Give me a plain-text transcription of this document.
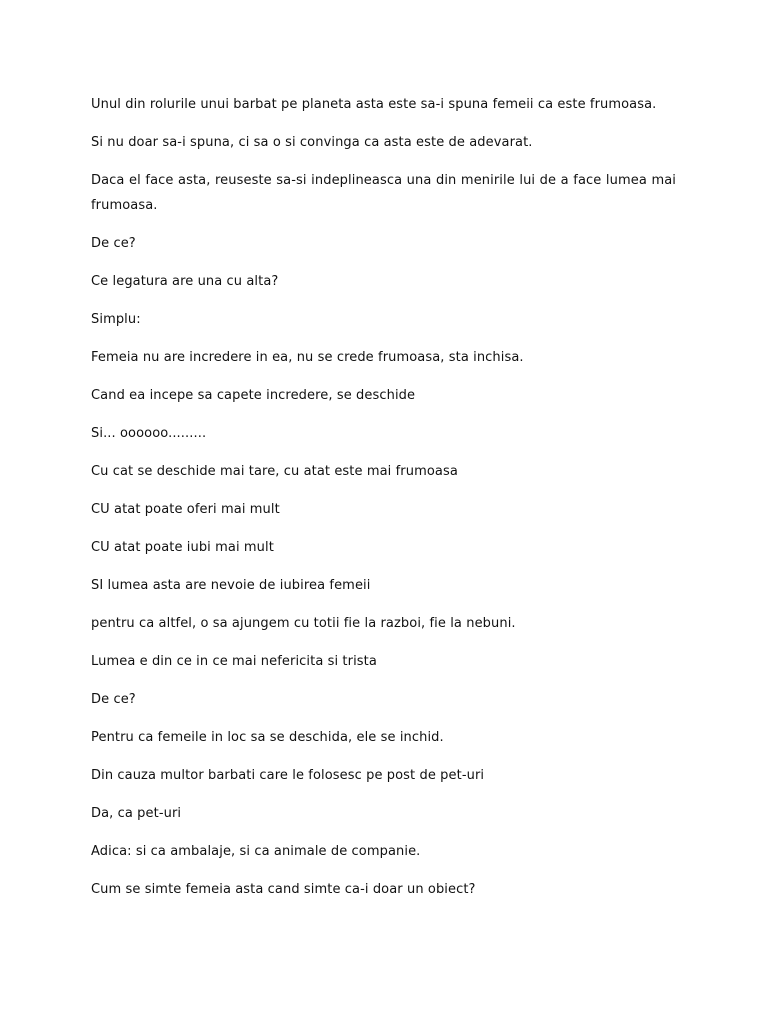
Unul din rolurile unui barbat pe planeta asta este sa-i spuna femeii ca este frumoasa.

Si nu doar sa-i spuna, ci sa o si convinga ca asta este de adevarat.

Daca el face asta, reuseste sa-si indeplineasca una din menirile lui de a face lumea mai frumoasa.

De ce?

Ce legatura are una cu alta?

Simplu:

Femeia nu are incredere in ea, nu se crede frumoasa, sta inchisa.

Cand ea incepe sa capete incredere, se deschide

Si... oooooo.........

Cu cat se deschide mai tare, cu atat este mai frumoasa

CU atat poate oferi mai mult

CU atat poate iubi mai mult

SI lumea asta are nevoie de iubirea femeii

pentru ca altfel, o sa ajungem cu totii fie la razboi, fie la nebuni.

Lumea e din ce in ce mai nefericita si trista

De ce?

Pentru ca femeile in loc sa se deschida, ele se inchid.

Din cauza multor barbati care le folosesc pe post de pet-uri

Da, ca pet-uri

Adica: si ca ambalaje, si ca animale de companie.

Cum se simte femeia asta cand simte ca-i doar un obiect?
